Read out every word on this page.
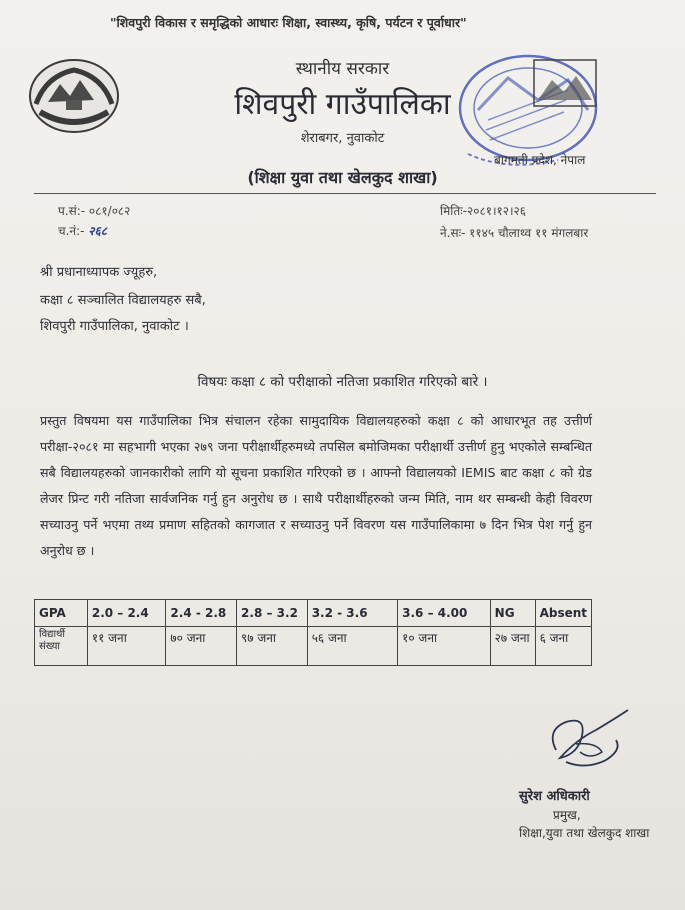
"शिवपुरी विकास र समृद्धिको आधारः शिक्षा, स्वास्थ्य, कृषि, पर्यटन र पूर्वाधार"
स्थानीय सरकार
शिवपुरी गाउँपालिका
शेराबगर, नुवाकोट
बागमती प्रदेश, नेपाल
(शिक्षा युवा तथा खेलकुद शाखा)
प.सं:- ०८१/०८२
च.नं:- २६८
मितिः-२०८१।१२।२६
ने.सः- ११४५ चौलाथ्व ११ मंगलबार
श्री प्रधानाध्यापक ज्यूहरु,
कक्षा ८ सञ्चालित विद्यालयहरु सबै,
शिवपुरी गाउँपालिका, नुवाकोट ।
विषयः कक्षा ८ को परीक्षाको नतिजा प्रकाशित गरिएको बारे ।
प्रस्तुत विषयमा यस गाउँपालिका भित्र संचालन रहेका सामुदायिक विद्यालयहरुको कक्षा ८ को आधारभूत तह उत्तीर्ण परीक्षा-२०८१ मा सहभागी भएका २७९ जना परीक्षार्थीहरुमध्ये तपसिल बमोजिमका परीक्षार्थी उत्तीर्ण हुनु भएकोले सम्बन्धित सबै विद्यालयहरुको जानकारीको लागि यो सूचना प्रकाशित गरिएको छ । आफ्नो विद्यालयको IEMIS बाट कक्षा ८ को ग्रेड लेजर प्रिन्ट गरी नतिजा सार्वजनिक गर्नु हुन अनुरोध छ । साथै परीक्षार्थीहरुको जन्म मिति, नाम थर सम्बन्धी केही विवरण सच्याउनु पर्ने भएमा तथ्य प्रमाण सहितको कागजात र सच्याउनु पर्ने विवरण यस गाउँपालिकामा ७ दिन भित्र पेश गर्नु हुन अनुरोध छ ।
GPA	2.0 – 2.4	2.4 - 2.8	2.8 – 3.2	3.2 - 3.6	3.6 – 4.00	NG	Absent

विद्यार्थी
संख्या	११ जना	७० जना	९७ जना	५६ जना	१० जना	२७ जना	६ जना
सुरेश अधिकारी
प्रमुख,
शिक्षा,युवा तथा खेलकुद शाखा
